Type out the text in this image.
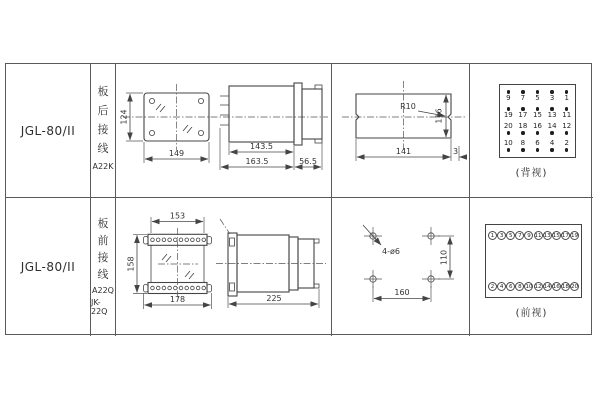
JGL-80/II
板
后
接
线
A22K
124
149
143.5
163.5	56.5
R10
116
141	3
9 7 5 3 1
19 17 15 13 11
20 18 16 14 12
10 8 6 4 2
(背视)
JGL-80/II
板
前
接
线
A22Q
JK-22Q
153
158
178	225
4-ø6	110
160
1	3	5	7	9 11 13 15 17 19
2	4	6	8 10 12 14 16 18 20
(前视)
